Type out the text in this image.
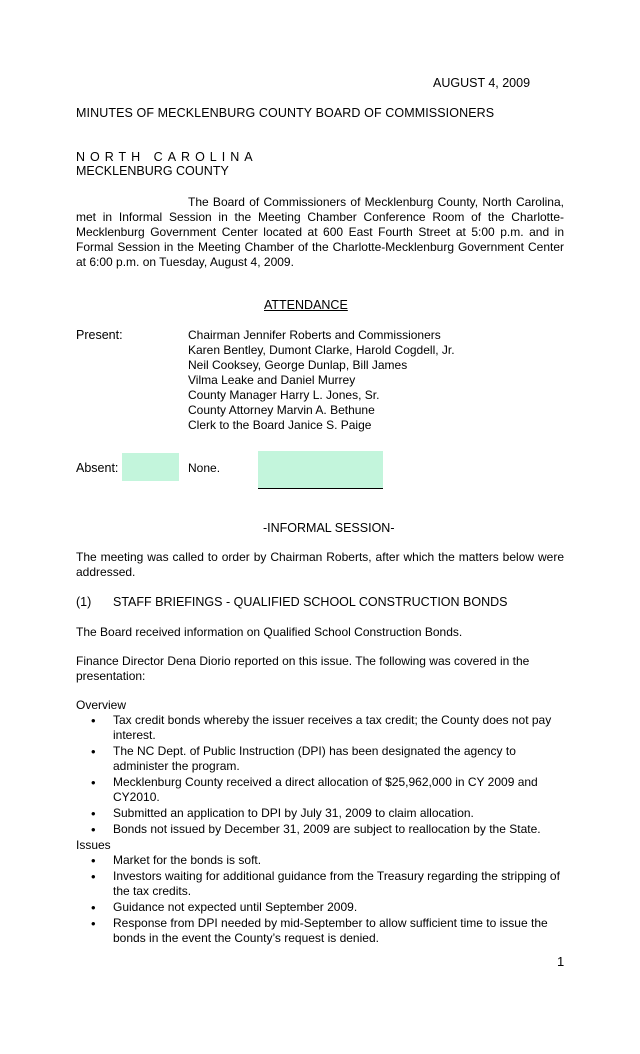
AUGUST 4, 2009
MINUTES OF MECKLENBURG COUNTY BOARD OF COMMISSIONERS
NORTH CAROLINA
MECKLENBURG COUNTY
The Board of Commissioners of Mecklenburg County, North Carolina, met in Informal Session in the Meeting Chamber Conference Room of the Charlotte-Mecklenburg Government Center located at 600 East Fourth Street at 5:00 p.m. and in Formal Session in the Meeting Chamber of the Charlotte-Mecklenburg Government Center at 6:00 p.m. on Tuesday, August 4, 2009.
ATTENDANCE
Present:	Chairman Jennifer Roberts and Commissioners
Karen Bentley, Dumont Clarke, Harold Cogdell, Jr.
Neil Cooksey, George Dunlap, Bill James
Vilma Leake and Daniel Murrey
County Manager Harry L. Jones, Sr.
County Attorney Marvin A. Bethune
Clerk to the Board Janice S. Paige
Absent:	None.
-INFORMAL SESSION-
The meeting was called to order by Chairman Roberts, after which the matters below were addressed.
(1) STAFF BRIEFINGS - QUALIFIED SCHOOL CONSTRUCTION BONDS
The Board received information on Qualified School Construction Bonds.
Finance Director Dena Diorio reported on this issue. The following was covered in the presentation:
Overview
• Tax credit bonds whereby the issuer receives a tax credit; the County does not pay interest.
• The NC Dept. of Public Instruction (DPI) has been designated the agency to administer the program.
• Mecklenburg County received a direct allocation of $25,962,000 in CY 2009 and CY2010.
• Submitted an application to DPI by July 31, 2009 to claim allocation.
• Bonds not issued by December 31, 2009 are subject to reallocation by the State.
Issues
• Market for the bonds is soft.
• Investors waiting for additional guidance from the Treasury regarding the stripping of the tax credits.
• Guidance not expected until September 2009.
• Response from DPI needed by mid-September to allow sufficient time to issue the bonds in the event the County’s request is denied.
1
